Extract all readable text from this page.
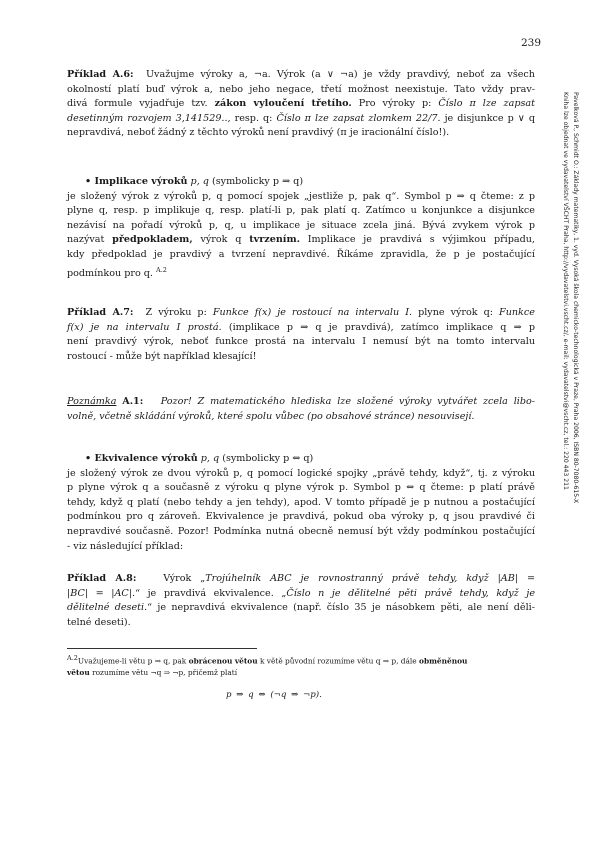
239
Pavelková P., Schmidt O.: Základy matematiky, 1. vyd. Vysoká škola chemicko-technologická v Praze, Praha 2006, ISBN 80-7080-615-X
Kniha lze objednat ve vydavatelství VŠCHT Praha, http://vydavatelstvi.vscht.cz/, e-mail: vydavatelstvi@vscht.cz, tel.: 220 443 211
Příklad A.6: Uvažujme výroky a, ¬a. Výrok (a ∨ ¬a) je vždy pravdivý, neboť za všech
okolností platí buď výrok a, nebo jeho negace, třetí možnost neexistuje. Tato vždy prav-
divá formule vyjadřuje tzv. zákon vyloučení třetího. Pro výroky p: Číslo π lze zapsat
desetinným rozvojem 3,141529.., resp. q: Číslo π lze zapsat zlomkem 22/7. je disjunkce p ∨ q
nepravdivá, neboť žádný z těchto výroků není pravdivý (π je iracionální číslo!).
• Implikace výroků p, q (symbolicky p ⇒ q)
je složený výrok z výroků p, q pomocí spojek „jestliže p, pak q“. Symbol p ⇒ q čteme: z p
plyne q, resp. p implikuje q, resp. platí-li p, pak platí q. Zatímco u konjunkce a disjunkce
nezávisí na pořadí výroků p, q, u implikace je situace zcela jiná. Bývá zvykem výrok p
nazývat předpokladem, výrok q tvrzením. Implikace je pravdivá s výjimkou případu,
kdy předpoklad je pravdivý a tvrzení nepravdivé. Říkáme zpravidla, že p je postačující
podmínkou pro q. $^{A.2}$
Příklad A.7: Z výroku p: Funkce f(x) je rostoucí na intervalu I. plyne výrok q: Funkce
f(x) je na intervalu I prostá. (implikace p ⇒ q je pravdivá), zatímco implikace q ⇒ p
není pravdivý výrok, neboť funkce prostá na intervalu I nemusí být na tomto intervalu
rostoucí - může být například klesající!
Poznámka A.1: Pozor! Z matematického hlediska lze složené výroky vytvářet zcela libo-
volně, včetně skládání výroků, které spolu vůbec (po obsahové stránce) nesouvisejí.
• Ekvivalence výroků p, q (symbolicky p ⇔ q)
je složený výrok ze dvou výroků p, q pomocí logické spojky „právě tehdy, když“, tj. z výroku
p plyne výrok q a současně z výroku q plyne výrok p. Symbol p ⇔ q čteme: p platí právě
tehdy, když q platí (nebo tehdy a jen tehdy), apod. V tomto případě je p nutnou a postačující
podmínkou pro q zároveň. Ekvivalence je pravdivá, pokud oba výroky p, q jsou pravdivé či
nepravdivé současně. Pozor! Podmínka nutná obecně nemusí být vždy podmínkou postačující
- viz následující příklad:
Příklad A.8:	Výrok „Trojúhelník ABC je rovnostranný právě tehdy, když |AB| =
|BC| = |AC|.“ je pravdivá ekvivalence. „Číslo n je dělitelné pěti právě tehdy, když je
dělitelné deseti.“ je nepravdivá ekvivalence (např. číslo 35 je násobkem pěti, ale není děli-
telné deseti).
A.2Uvažujeme-li větu p ⇒ q, pak obrácenou větou k větě původní rozumíme větu q ⇒ p, dále obměněnou
větou rozumíme větu ¬q ⇒ ¬p, přičemž platí
p ⇒ q ⇔ (¬q ⇒ ¬p).
